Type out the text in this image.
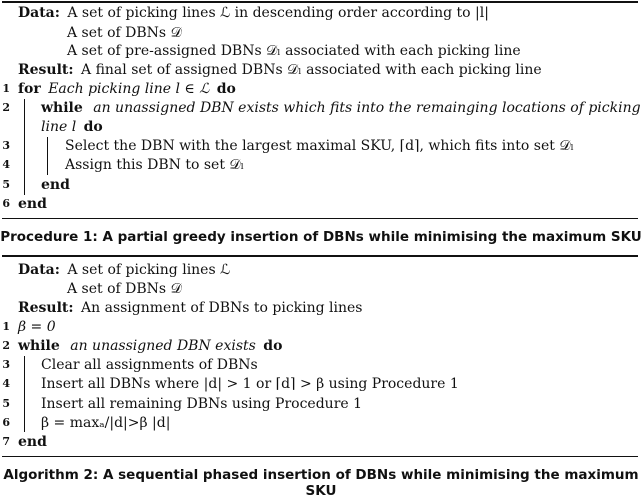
Data: A set of picking lines ℒ in descending order according to |l|
A set of DBNs 𝒟
A set of pre-assigned DBNs 𝒟ₗ associated with each picking line
Result: A final set of assigned DBNs 𝒟ₗ associated with each picking line
1 for Each picking line l ∈ ℒ do
2 while an unassigned DBN exists which fits into the remainging locations of picking
line l do
3	Select the DBN with the largest maximal SKU, ⌈d⌉, which fits into set 𝒟ₗ
4	Assign this DBN to set 𝒟ₗ
5 end
6 end
Procedure 1: A partial greedy insertion of DBNs while minimising the maximum SKU
Data: A set of picking lines ℒ
A set of DBNs 𝒟
Result: An assignment of DBNs to picking lines
1 β = 0
2 while an unassigned DBN exists do
3 Clear all assignments of DBNs
4 Insert all DBNs where |d| > 1 or ⌈d⌉ > β using Procedure 1
5 Insert all remaining DBNs using Procedure 1
6 β = maxₐ/|d|>β |d|
7 end
Algorithm 2: A sequential phased insertion of DBNs while minimising the maximum SKU
